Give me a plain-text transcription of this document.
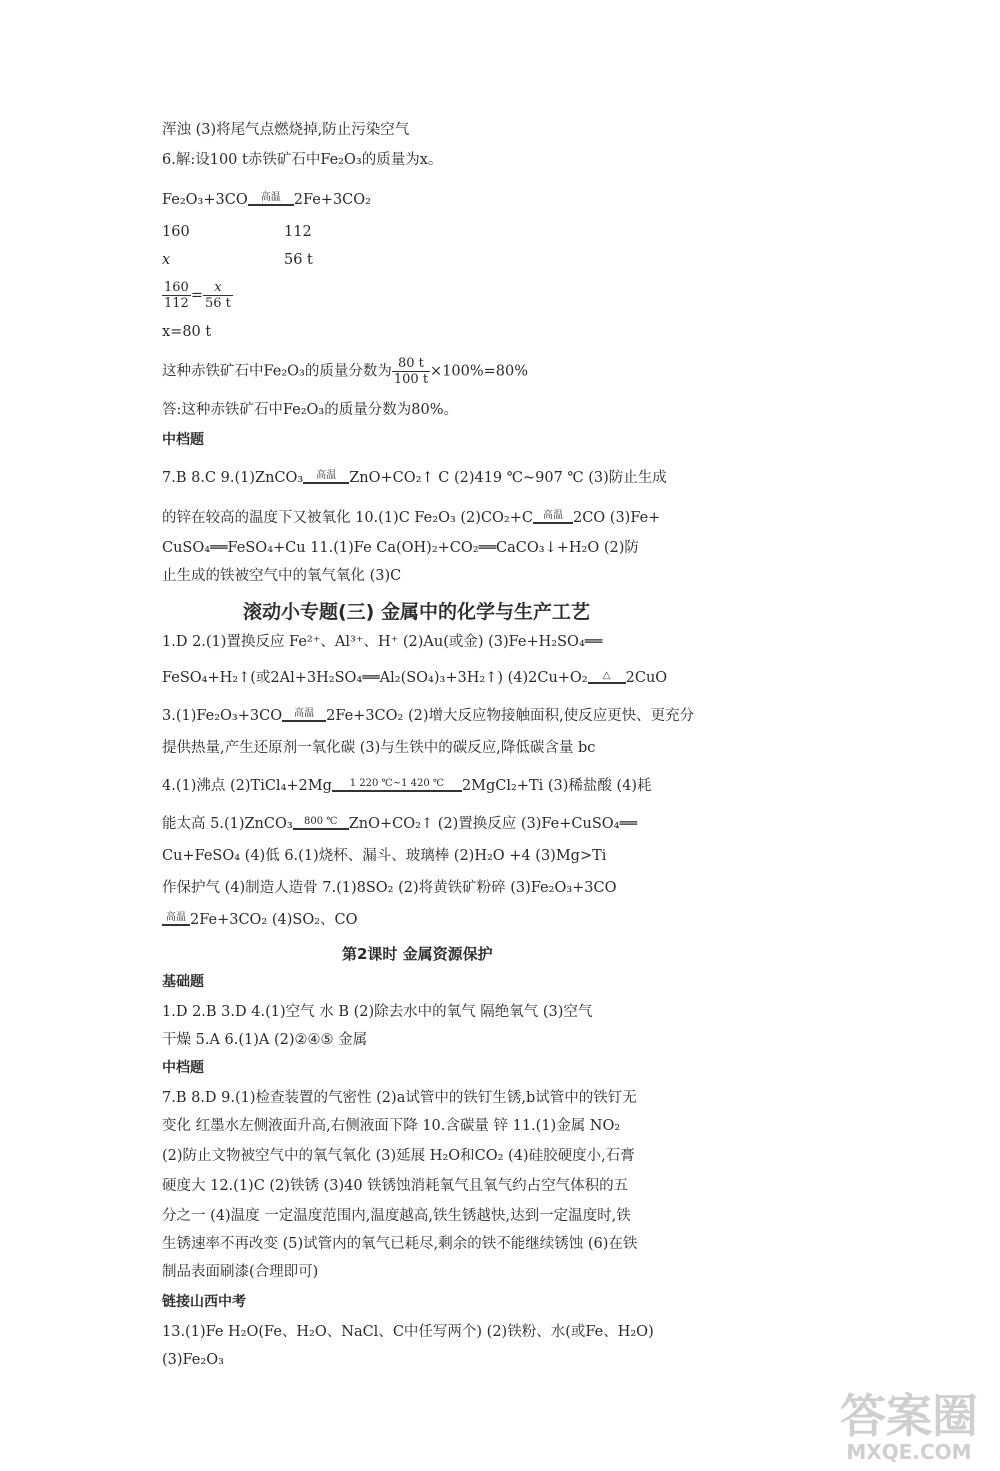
浑浊 (3)将尾气点燃烧掉,防止污染空气
6.解:设100 t赤铁矿石中Fe₂O₃的质量为x。
Fe₂O₃+3CO	高温 2Fe+3CO₂
160	112
x	56 t
$\frac{160}{112} = \frac{x}{56 t}$
x=80 t
这种赤铁矿石中Fe₂O₃的质量分数为 $\frac{80 t}{100 t} \times 100\%=80\%$
答:这种赤铁矿石中Fe₂O₃的质量分数为80%。
中档题
7.B 8.C 9.(1)ZnCO₃	高温 ZnO+CO₂↑ C (2)419 ℃~907 ℃ (3)防止生成
的锌在较高的温度下又被氧化 10.(1)C Fe₂O₃ (2)CO₂+C	高温 2CO (3)Fe+
CuSO₄══FeSO₄+Cu 11.(1)Fe Ca(OH)₂+CO₂══CaCO₃↓+H₂O (2)防
止生成的铁被空气中的氧气氧化 (3)C
滚动小专题(三) 金属中的化学与生产工艺
1.D 2.(1)置换反应 Fe²⁺、Al³⁺、H⁺ (2)Au(或金) (3)Fe+H₂SO₄══
FeSO₄+H₂↑(或2Al+3H₂SO₄══Al₂(SO₄)₃+3H₂↑) (4)2Cu+O₂	△	2CuO
3.(1)Fe₂O₃+3CO	高温 2Fe+3CO₂ (2)增大反应物接触面积,使反应更快、更充分
提供热量,产生还原剂一氧化碳 (3)与生铁中的碳反应,降低碳含量 bc
4.(1)沸点 (2)TiCl₄+2Mg	1 220 ℃~1 420 ℃	2MgCl₂+Ti (3)稀盐酸 (4)耗
能太高 5.(1)ZnCO₃	800 ℃ ZnO+CO₂↑ (2)置换反应 (3)Fe+CuSO₄══
Cu+FeSO₄ (4)低 6.(1)烧杯、漏斗、玻璃棒 (2)H₂O +4 (3)Mg>Ti
作保护气 (4)制造人造骨 7.(1)8SO₂ (2)将黄铁矿粉碎 (3)Fe₂O₃+3CO
高温 2Fe+3CO₂ (4)SO₂、CO
第2课时 金属资源保护
基础题
1.D 2.B 3.D 4.(1)空气 水 B (2)除去水中的氧气 隔绝氧气 (3)空气
干燥 5.A 6.(1)A (2)②④⑤ 金属
中档题
7.B 8.D 9.(1)检查装置的气密性 (2)a试管中的铁钉生锈,b试管中的铁钉无
变化 红墨水左侧液面升高,右侧液面下降 10.含碳量 锌 11.(1)金属 NO₂
(2)防止文物被空气中的氧气氧化 (3)延展 H₂O和CO₂ (4)硅胶硬度小,石膏
硬度大 12.(1)C (2)铁锈 (3)40 铁锈蚀消耗氧气且氧气约占空气体积的五
分之一 (4)温度 一定温度范围内,温度越高,铁生锈越快,达到一定温度时,铁
生锈速率不再改变 (5)试管内的氧气已耗尽,剩余的铁不能继续锈蚀 (6)在铁
制品表面刷漆(合理即可)
链接山西中考
13.(1)Fe H₂O(Fe、H₂O、NaCl、C中任写两个) (2)铁粉、水(或Fe、H₂O)
(3)Fe₂O₃
答案圈
MXQE.COM
